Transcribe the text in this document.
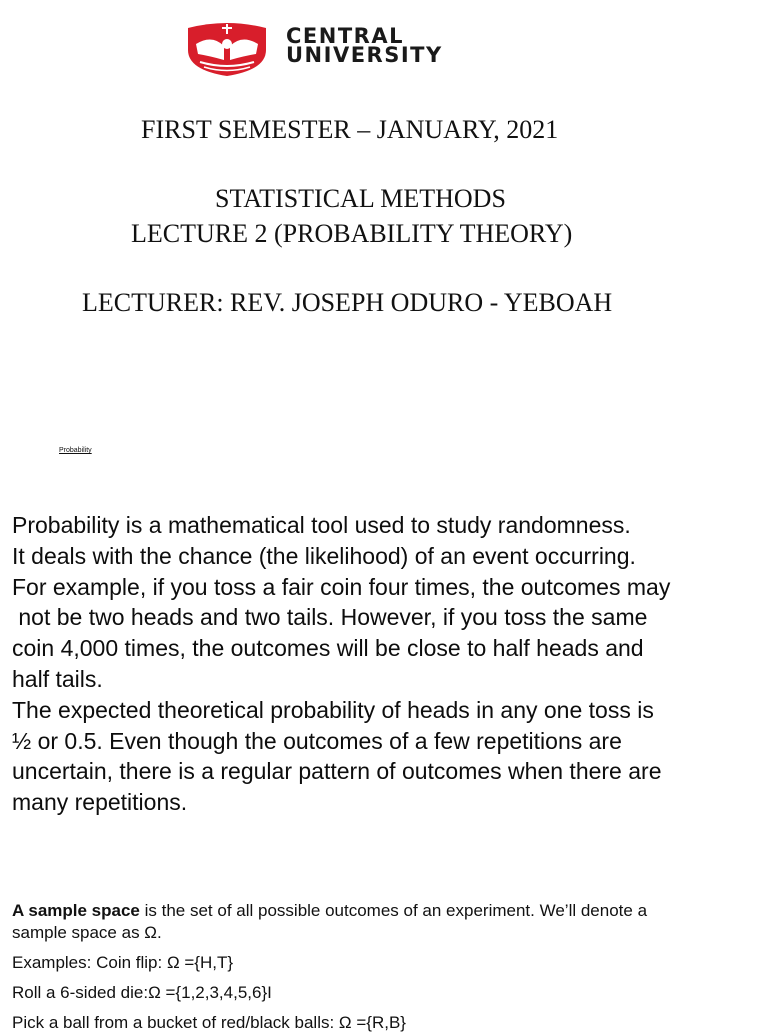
CENTRAL
UNIVERSITY
FIRST SEMESTER – JANUARY, 2021
STATISTICAL METHODS
LECTURE 2 (PROBABILITY THEORY)
LECTURER: REV. JOSEPH ODURO - YEBOAH
Probability
Probability is a mathematical tool used to study randomness.
It deals with the chance (the likelihood) of an event occurring.
For example, if you toss a fair coin four times, the outcomes may
not be two heads and two tails. However, if you toss the same
coin 4,000 times, the outcomes will be close to half heads and
half tails.
The expected theoretical probability of heads in any one toss is
½ or 0.5. Even though the outcomes of a few repetitions are
uncertain, there is a regular pattern of outcomes when there are
many repetitions.

A sample space is the set of all possible outcomes of an experiment. We’ll denote a

sample space as Ω.

Examples: Coin flip: Ω ={H,T}

Roll a 6-sided die:Ω ={1,2,3,4,5,6}I

Pick a ball from a bucket of red/black balls: Ω ={R,B}
